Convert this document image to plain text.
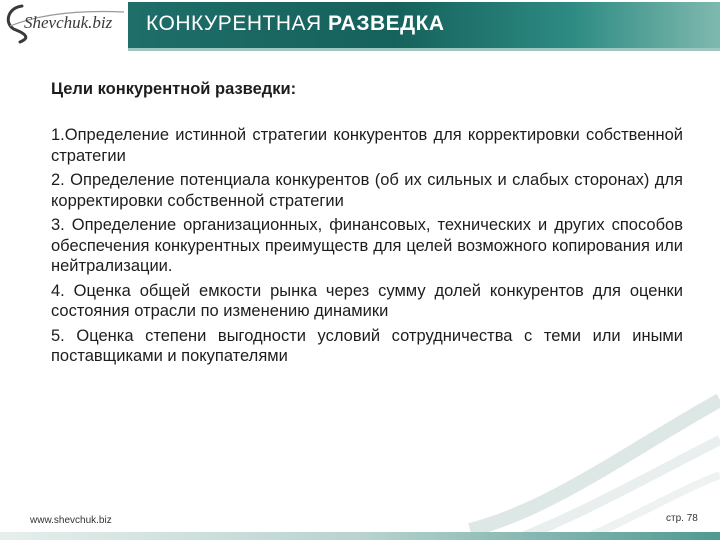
Shevchuk.biz КОНКУРЕНТНАЯ РАЗВЕДКА

Цели конкурентной разведки:

1.Определение истинной стратегии конкурентов для корректировки собственной стратегии

2. Определение потенциала конкурентов (об их сильных и слабых сторонах) для корректировки собственной стратегии

3. Определение организационных, финансовых, технических и других способов обеспечения конкурентных преимуществ для целей возможного копирования или нейтрализации.

4. Оценка общей емкости рынка через сумму долей конкурентов для оценки состояния отрасли по изменению динамики

5. Оценка степени выгодности условий сотрудничества с теми или иными поставщиками и покупателями

www.shevchuk.biz	стр. 78
